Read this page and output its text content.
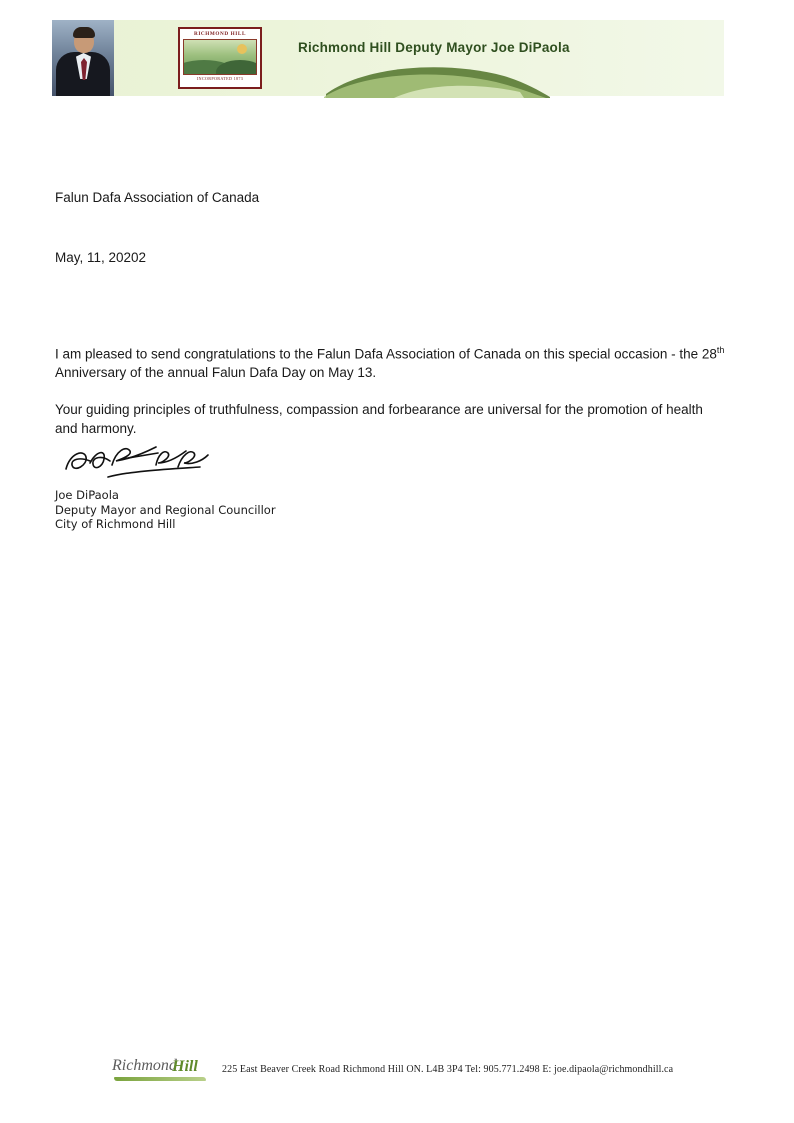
RICHMOND HILL
INCORPORATED 1873
Richmond Hill Deputy Mayor Joe DiPaola
Falun Dafa Association of Canada
May, 11, 20202

I am pleased to send congratulations to the Falun Dafa Association of Canada on this special occasion - the 28th Anniversary of the annual Falun Dafa Day on May 13.

Your guiding principles of truthfulness, compassion and forbearance are universal for the promotion of health and harmony.

Joe DiPaola
Deputy Mayor and Regional Councillor
City of Richmond Hill
Richmond
Hill 225 East Beaver Creek Road Richmond Hill ON. L4B 3P4 Tel: 905.771.2498 E: joe.dipaola@richmondhill.ca
